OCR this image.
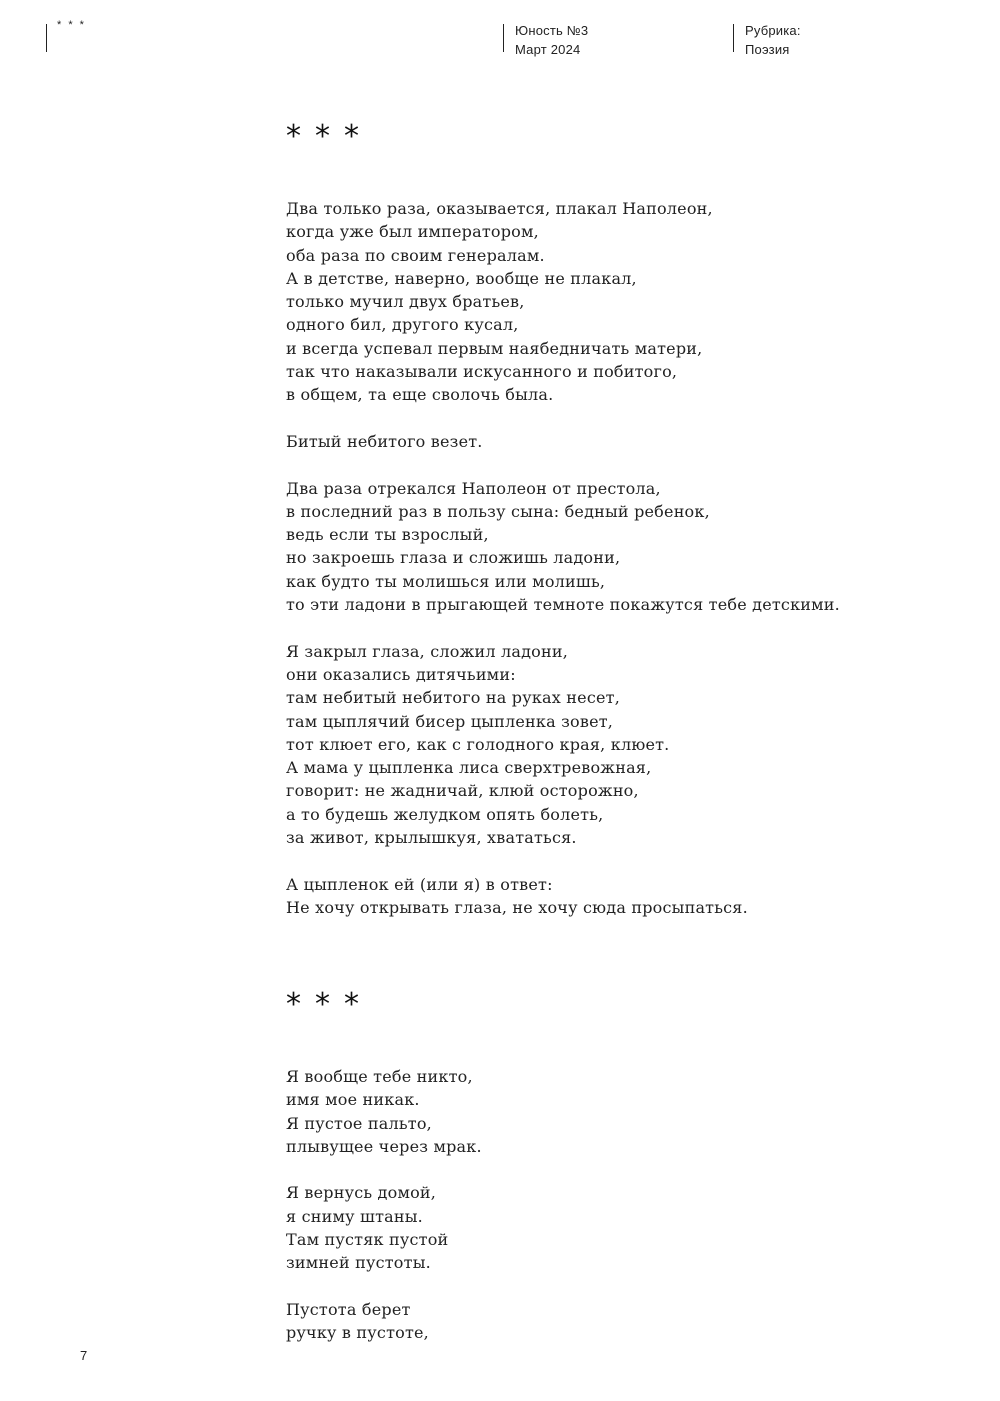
* * *	Юность №3
Март 2024
Рубрика:
Поэзия
***
Два только раза, оказывается, плакал Наполеон,
когда уже был императором,
оба раза по своим генералам.
А в детстве, наверно, вообще не плакал,
только мучил двух братьев,
одного бил, другого кусал,
и всегда успевал первым наябедничать матери,
так что наказывали искусанного и побитого,
в общем, та еще сволочь была.
Битый небитого везет.
Два раза отрекался Наполеон от престола,
в последний раз в пользу сына: бедный ребенок,
ведь если ты взрослый,
но закроешь глаза и сложишь ладони,
как будто ты молишься или молишь,
то эти ладони в прыгающей темноте покажутся тебе детскими.
Я закрыл глаза, сложил ладони,
они оказались дитячьими:
там небитый небитого на руках несет,
там цыплячий бисер цыпленка зовет,
тот клюет его, как с голодного края, клюет.
А мама у цыпленка лиса сверхтревожная,
говорит: не жадничай, клюй осторожно,
а то будешь желудком опять болеть,
за живот, крылышкуя, хвататься.
А цыпленок ей (или я) в ответ:
Не хочу открывать глаза, не хочу сюда просыпаться.
***
Я вообще тебе никто,
имя мое никак.
Я пустое пальто,
плывущее через мрак.
Я вернусь домой,
я сниму штаны.
Там пустяк пустой
зимней пустоты.
Пустота берет
ручку в пустоте,
7
